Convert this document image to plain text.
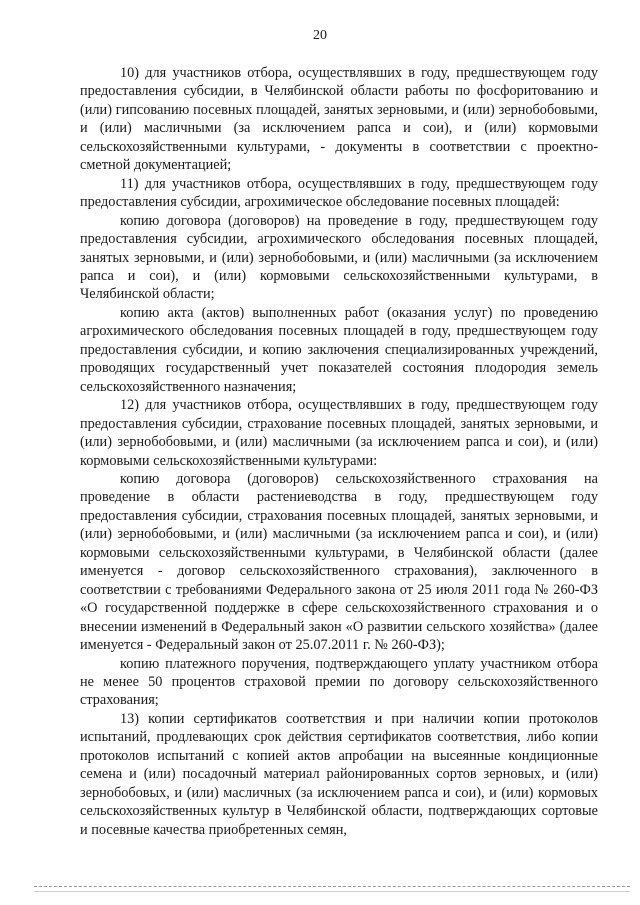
20

10) для участников отбора, осуществлявших в году, предшествующем году предоставления субсидии, в Челябинской области работы по фосфоритованию и (или) гипсованию посевных площадей, занятых зерновыми, и (или) зернобобовыми, и (или) масличными (за исключением рапса и сои), и (или) кормовыми сельскохозяйственными культурами, - документы в соответствии с проектно-сметной документацией;

11) для участников отбора, осуществлявших в году, предшествующем году предоставления субсидии, агрохимическое обследование посевных площадей:

копию договора (договоров) на проведение в году, предшествующем году предоставления субсидии, агрохимического обследования посевных площадей, занятых зерновыми, и (или) зернобобовыми, и (или) масличными (за исключением рапса и сои), и (или) кормовыми сельскохозяйственными культурами, в Челябинской области;

копию акта (актов) выполненных работ (оказания услуг) по проведению агрохимического обследования посевных площадей в году, предшествующем году предоставления субсидии, и копию заключения специализированных учреждений, проводящих государственный учет показателей состояния плодородия земель сельскохозяйственного назначения;

12) для участников отбора, осуществлявших в году, предшествующем году предоставления субсидии, страхование посевных площадей, занятых зерновыми, и (или) зернобобовыми, и (или) масличными (за исключением рапса и сои), и (или) кормовыми сельскохозяйственными культурами:

копию договора (договоров) сельскохозяйственного страхования на проведение в области растениеводства в году, предшествующем году предоставления субсидии, страхования посевных площадей, занятых зерновыми, и (или) зернобобовыми, и (или) масличными (за исключением рапса и сои), и (или) кормовыми сельскохозяйственными культурами, в Челябинской области (далее именуется - договор сельскохозяйственного страхования), заключенного в соответствии с требованиями Федерального закона от 25 июля 2011 года № 260-ФЗ «О государственной поддержке в сфере сельскохозяйственного страхования и о внесении изменений в Федеральный закон «О развитии сельского хозяйства» (далее именуется - Федеральный закон от 25.07.2011 г. № 260-ФЗ);

копию платежного поручения, подтверждающего уплату участником отбора не менее 50 процентов страховой премии по договору сельскохозяйственного страхования;

13) копии сертификатов соответствия и при наличии копии протоколов испытаний, продлевающих срок действия сертификатов соответствия, либо копии протоколов испытаний с копией актов апробации на высеянные кондиционные семена и (или) посадочный материал районированных сортов зерновых, и (или) зернобобовых, и (или) масличных (за исключением рапса и сои), и (или) кормовых сельскохозяйственных культур в Челябинской области, подтверждающих сортовые и посевные качества приобретенных семян,
